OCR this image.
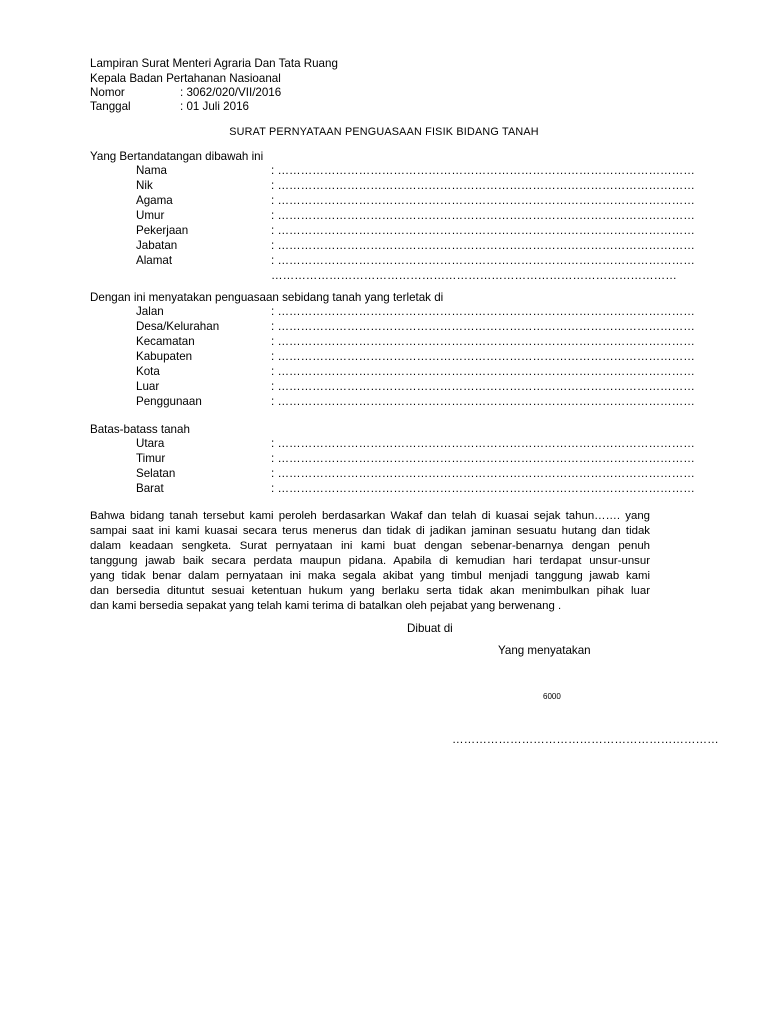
Lampiran Surat Menteri Agraria Dan Tata Ruang
Kepala Badan Pertahanan Nasioanal
Nomor	: 3062/020/VII/2016
Tanggal	: 01 Juli 2016
SURAT PERNYATAAN PENGUASAAN FISIK BIDANG TANAH
Yang Bertandatangan dibawah ini
Nama	: ………………………………………………………………………………………………
Nik	: ………………………………………………………………………………………………
Agama	: ………………………………………………………………………………………………
Umur	: ………………………………………………………………………………………………
Pekerjaan	: ………………………………………………………………………………………………
Jabatan	: ………………………………………………………………………………………………
Alamat	: ………………………………………………………………………………………………
……………………………………………………………………………………………
Dengan ini menyatakan penguasaan sebidang tanah yang terletak di
Jalan	: ………………………………………………………………………………………………
Desa/Kelurahan	: ………………………………………………………………………………………………
Kecamatan	: ………………………………………………………………………………………………
Kabupaten	: ………………………………………………………………………………………………
Kota	: ………………………………………………………………………………………………
Luar	: ………………………………………………………………………………………………
Penggunaan	: ………………………………………………………………………………………………
Batas-batass tanah
Utara	: ………………………………………………………………………………………………
Timur	: ………………………………………………………………………………………………
Selatan	: ………………………………………………………………………………………………
Barat	: ………………………………………………………………………………………………
Bahwa bidang tanah tersebut kami peroleh berdasarkan Wakaf dan telah di kuasai sejak tahun……. yang
sampai saat ini kami kuasai secara terus menerus dan tidak di jadikan jaminan sesuatu hutang dan tidak
dalam keadaan sengketa. Surat pernyataan ini kami buat dengan sebenar-benarnya dengan penuh
tanggung jawab baik secara perdata maupun pidana. Apabila di kemudian hari terdapat unsur-unsur
yang tidak benar dalam pernyataan ini maka segala akibat yang timbul menjadi tanggung jawab kami
dan bersedia dituntut sesuai ketentuan hukum yang berlaku serta tidak akan menimbulkan pihak luar
dan kami bersedia sepakat yang telah kami terima di batalkan oleh pejabat yang berwenang .
Dibuat di
Yang menyatakan
6000
……………………………………………………………
